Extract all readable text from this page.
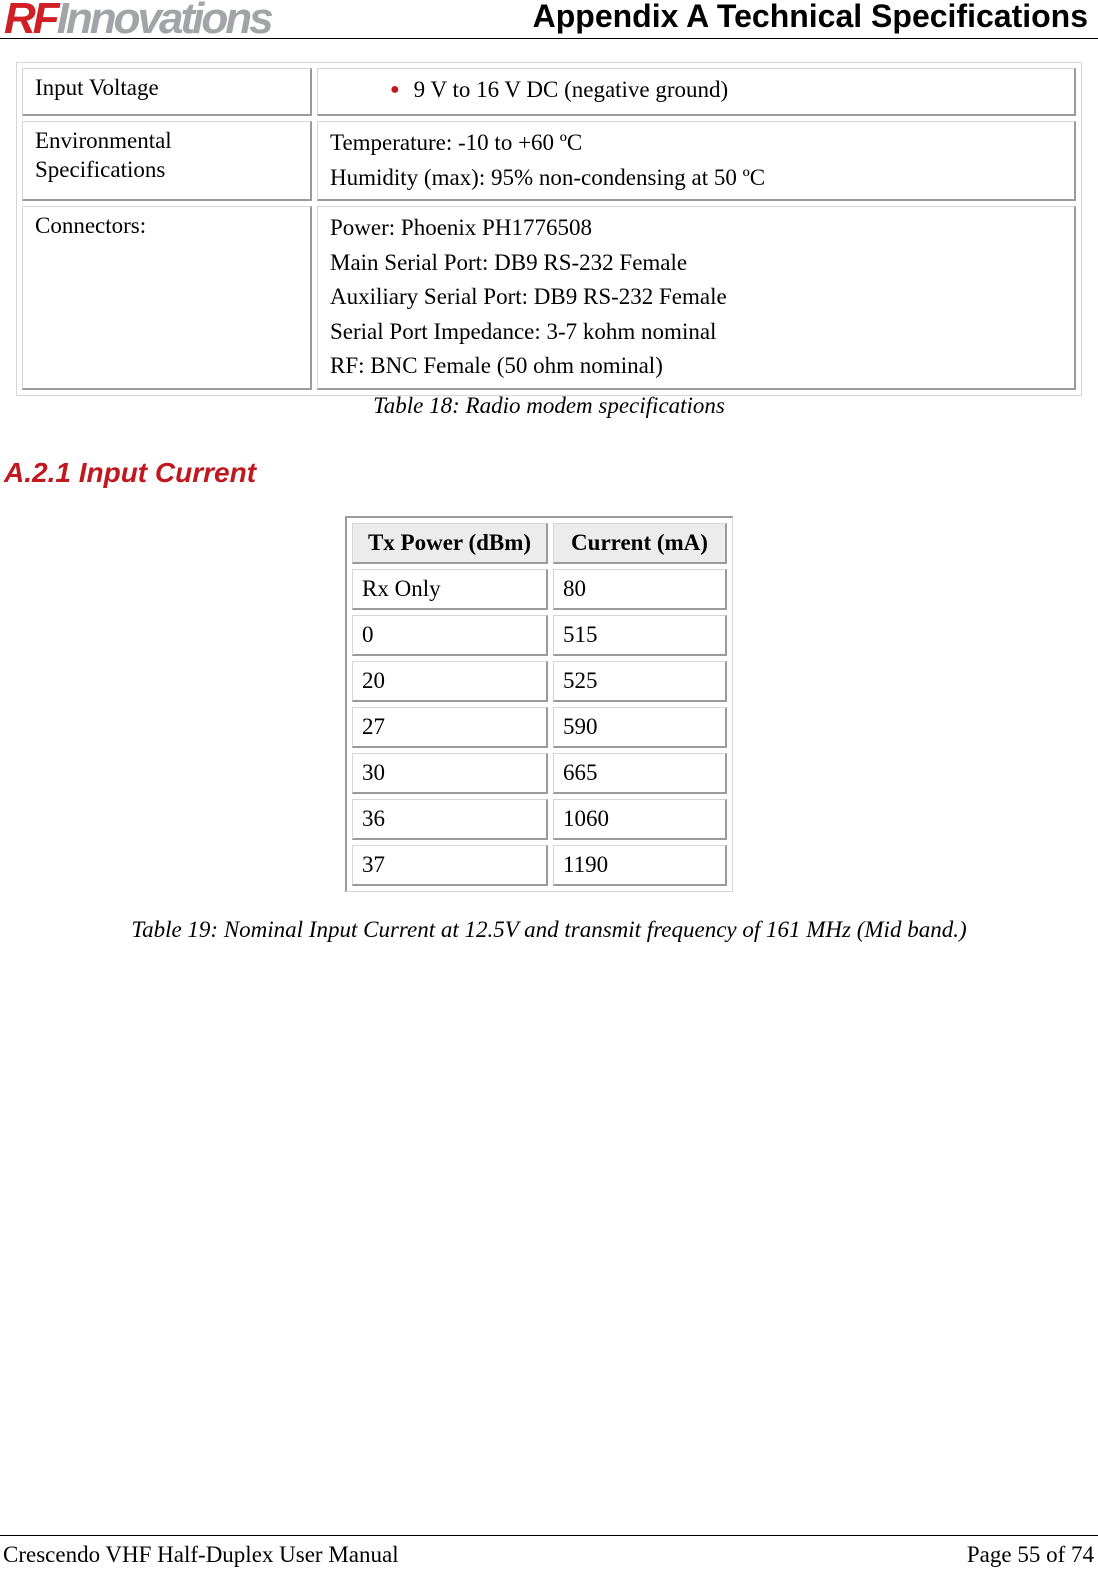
RFInnovations	Appendix A Technical Specifications
Input Voltage	● 9 V to 16 V DC (negative ground)

Environmental Specifications	Temperature: -10 to +60 ºC
Humidity (max): 95% non-condensing at 50 ºC

Connectors:	Power: Phoenix PH1776508
Main Serial Port: DB9 RS-232 Female
Auxiliary Serial Port: DB9 RS-232 Female
Serial Port Impedance: 3-7 kohm nominal
RF: BNC Female (50 ohm nominal)
Table 18: Radio modem specifications
A.2.1 Input Current
Tx Power (dBm)	Current (mA)
Rx Only	80
0	515
20	525
27	590
30	665
36	1060
37	1190
Table 19: Nominal Input Current at 12.5V and transmit frequency of 161 MHz (Mid band.)
Crescendo VHF Half-Duplex User Manual	Page 55 of 74
